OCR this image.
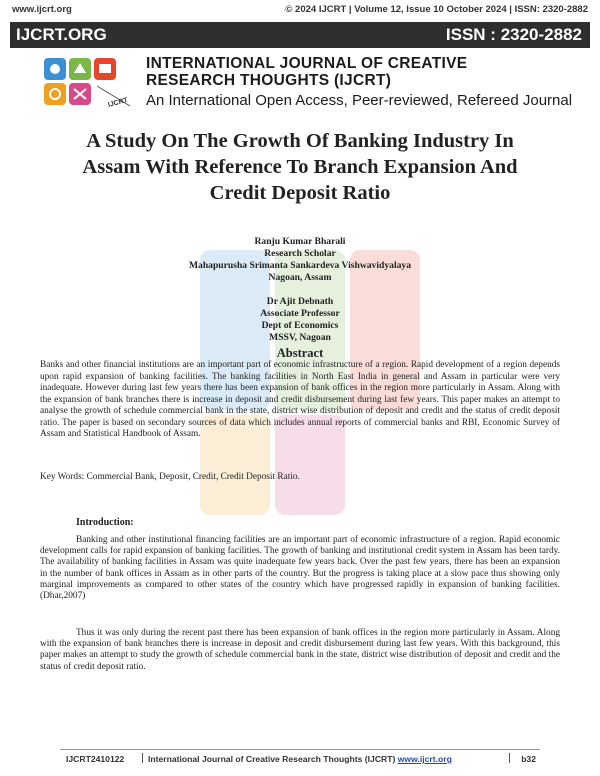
www.ijcrt.org	© 2024 IJCRT | Volume 12, Issue 10 October 2024 | ISSN: 2320-2882
IJCRT.ORG	ISSN : 2320-2882
IJCRT
INTERNATIONAL JOURNAL OF CREATIVE
RESEARCH THOUGHTS (IJCRT)
An International Open Access, Peer-reviewed, Refereed Journal
A Study On The Growth Of Banking Industry In
Assam With Reference To Branch Expansion And
Credit Deposit Ratio
Ranju Kumar Bharali
Research Scholar
Mahapurusha Srimanta Sankardeva Vishwavidyalaya
Nagoan, Assam
Dr Ajit Debnath
Associate Professor
Dept of Economics
MSSV, Nagoan
Abstract
Banks and other financial institutions are an important part of economic infrastructure of a region. Rapid development of a region depends upon rapid expansion of banking facilities. The banking facilities in North East India in general and Assam in particular were very inadequate. However during last few years there has been expansion of bank offices in the region more particularly in Assam. Along with the expansion of bank branches there is increase in deposit and credit disbursement during last few years. This paper makes an attempt to analyse the growth of schedule commercial bank in the state, district wise distribution of deposit and credit and the status of credit deposit ratio. The paper is based on secondary sources of data which includes annual reports of commercial banks and RBI, Economic Survey of Assam and Statistical Handbook of Assam.
Key Words: Commercial Bank, Deposit, Credit, Credit Deposit Ratio.
Introduction:
Banking and other institutional financing facilities are an important part of economic infrastructure of a region. Rapid economic development calls for rapid expansion of banking facilities. The growth of banking and institutional credit system in Assam has been tardy. The availability of banking facilities in Assam was quite inadequate few years back. Over the past few years, there has been an expansion in the number of bank offices in Assam as in other parts of the country. But the progress is taking place at a slow pace thus showing only marginal improvements as compared to other states of the country which have progressed rapidly in expansion of banking facilities.(Dhar,2007)
Thus it was only during the recent past there has been expansion of bank offices in the region more particularly in Assam. Along with the expansion of bank branches there is increase in deposit and credit disbursement during last few years. With this background, this paper makes an attempt to study the growth of schedule commercial bank in the state, district wise distribution of deposit and credit and the status of credit deposit ratio.
IJCRT2410122	International Journal of Creative Research Thoughts (IJCRT) www.ijcrt.org	b32
